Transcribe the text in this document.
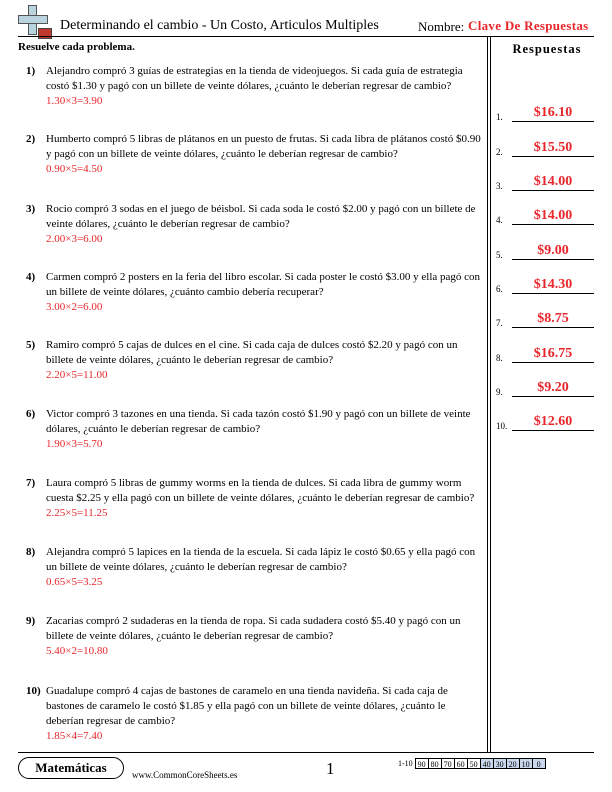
Determinando el cambio - Un Costo, Articulos Multiples	Nombre: Clave De Respuestas
Resuelve cada problema.	Respuestas
1) Alejandro compró 3 guías de estrategias en la tienda de videojuegos. Si cada guía de estrategia costó $1.30 y pagó con un billete de veinte dólares, ¿cuánto le deberían regresar de cambio?
1.30×3=3.90
2) Humberto compró 5 libras de plátanos en un puesto de frutas. Si cada libra de plátanos costó $0.90 y pagó con un billete de veinte dólares, ¿cuánto le deberían regresar de cambio?
0.90×5=4.50
3) Rocio compró 3 sodas en el juego de béisbol. Si cada soda le costó $2.00 y pagó con un billete de veinte dólares, ¿cuánto le deberían regresar de cambio?
2.00×3=6.00
4) Carmen compró 2 posters en la feria del libro escolar. Si cada poster le costó $3.00 y ella pagó con un billete de veinte dólares, ¿cuánto cambio debería recuperar?
3.00×2=6.00
5) Ramiro compró 5 cajas de dulces en el cine. Si cada caja de dulces costó $2.20 y pagó con un billete de veinte dólares, ¿cuánto le deberían regresar de cambio?
2.20×5=11.00
6) Victor compró 3 tazones en una tienda. Si cada tazón costó $1.90 y pagó con un billete de veinte dólares, ¿cuánto le deberían regresar de cambio?
1.90×3=5.70
7) Laura compró 5 libras de gummy worms en la tienda de dulces. Si cada libra de gummy worm cuesta $2.25 y ella pagó con un billete de veinte dólares, ¿cuánto le deberían regresar de cambio?
2.25×5=11.25
8) Alejandra compró 5 lapices en la tienda de la escuela. Si cada lápiz le costó $0.65 y ella pagó con un billete de veinte dólares, ¿cuánto le deberían regresar de cambio?
0.65×5=3.25
9) Zacarias compró 2 sudaderas en la tienda de ropa. Si cada sudadera costó $5.40 y pagó con un billete de veinte dólares, ¿cuánto le deberían regresar de cambio?
5.40×2=10.80
10) Guadalupe compró 4 cajas de bastones de caramelo en una tienda navideña. Si cada caja de bastones de caramelo le costó $1.85 y ella pagó con un billete de veinte dólares, ¿cuánto le deberían regresar de cambio?
1.85×4=7.40
1.	$16.10
2.	$15.50
3.	$14.00
4.	$14.00
5.	$9.00
6.	$14.30
7.	$8.75
8.	$16.75
9.	$9.20
10.	$12.60
Matemáticas	www.CommonCoreSheets.es	1	1-10 90 80 70 60 50 40 30 20 10 0
